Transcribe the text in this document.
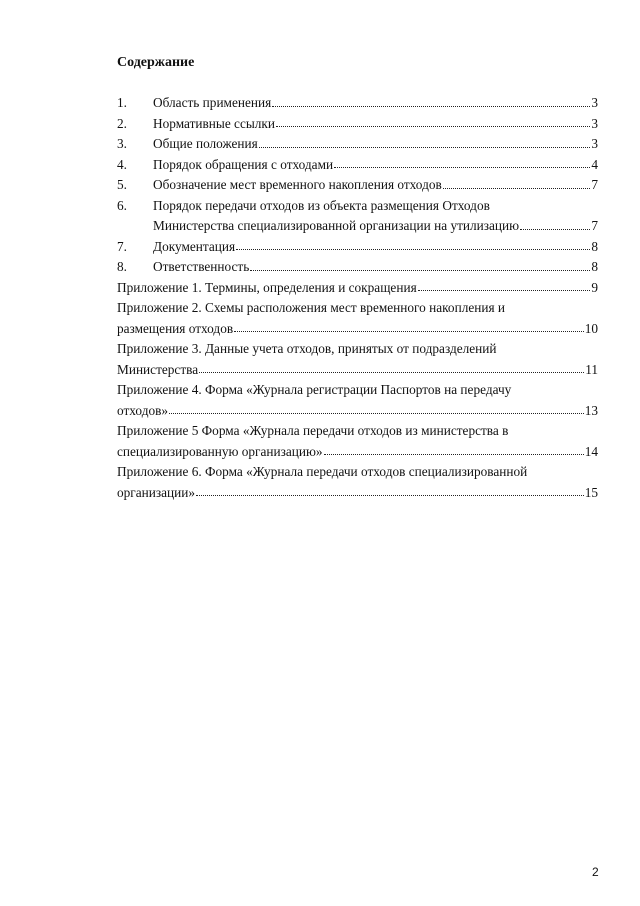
Содержание
1.	Область применения	3
2.	Нормативные ссылки	3
3.	Общие положения	3
4.	Порядок обращения с отходами	4
5.	Обозначение мест временного накопления отходов	7
6.	Порядок передачи отходов из объекта размещения Отходов
Министерства специализированной организации на утилизацию	7
7.	Документация	8
8.	Ответственность	8
Приложение 1. Термины, определения и сокращения	9
Приложение 2. Схемы расположения мест временного накопления и
размещения отходов	10
Приложение 3. Данные учета отходов, принятых от подразделений
Министерства	11
Приложение 4. Форма «Журнала регистрации Паспортов на передачу
отходов»	13
Приложение 5 Форма «Журнала передачи отходов из министерства в
специализированную организацию»	14
Приложение 6. Форма «Журнала передачи отходов специализированной
организации»	15
2
